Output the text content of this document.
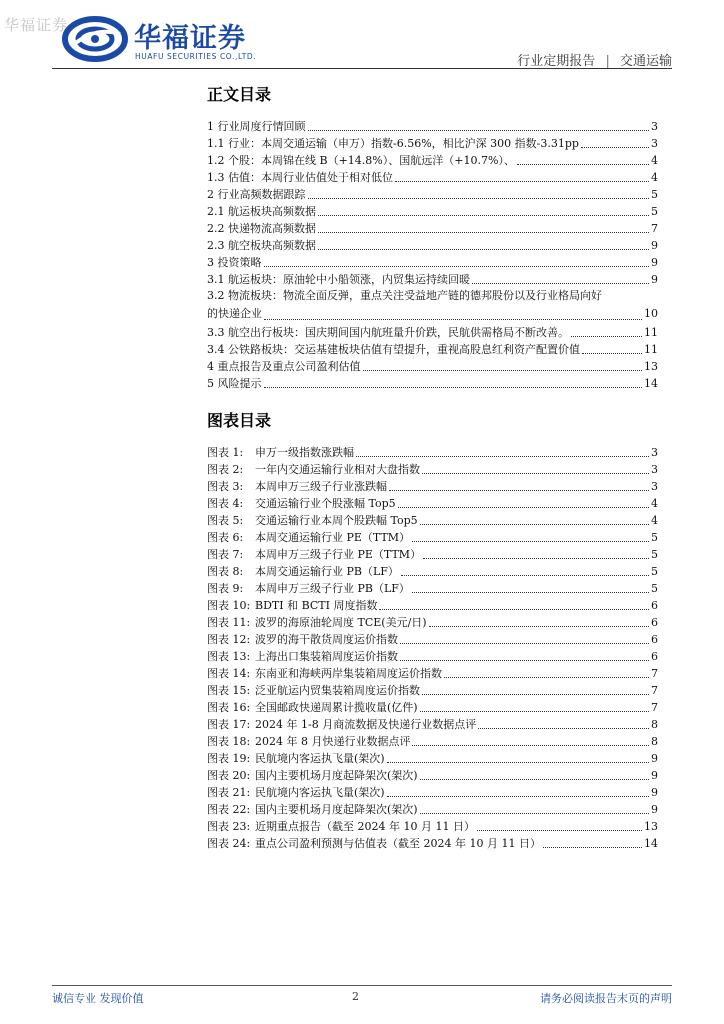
华福证券 华福证券
HUAFU SECURITIES CO.,LTD.	行业定期报告 | 交通运输
正文目录
1 行业周度行情回顾	3
1.1 行业：本周交通运输（申万）指数-6.56%，相比沪深 300 指数-3.31pp	3
1.2 个股：本周锦在线 B（+14.8%）、国航远洋（+10.7%）、	4
1.3 估值：本周行业估值处于相对低位	4
2 行业高频数据跟踪	5
2.1 航运板块高频数据	5
2.2 快递物流高频数据	7
2.3 航空板块高频数据	9
3 投资策略	9
3.1 航运板块：原油轮中小船领涨，内贸集运持续回暖	9
3.2 物流板块：物流全面反弹，重点关注受益地产链的德邦股份以及行业格局向好
的快递企业	10
3.3 航空出行板块：国庆期间国内航班量升价跌，民航供需格局不断改善。	11
3.4 公铁路板块：交运基建板块估值有望提升，重视高股息红利资产配置价值	11
4 重点报告及重点公司盈利估值	13
5 风险提示	14
图表目录
图表 1:	申万一级指数涨跌幅	3
图表 2:	一年内交通运输行业相对大盘指数	3
图表 3:	本周申万三级子行业涨跌幅	3
图表 4:	交通运输行业个股涨幅 Top5	4
图表 5:	交通运输行业本周个股跌幅 Top5	4
图表 6:	本周交通运输行业 PE（TTM）	5
图表 7:	本周申万三级子行业 PE（TTM）	5
图表 8:	本周交通运输行业 PB（LF）	5
图表 9:	本周申万三级子行业 PB（LF）	5
图表 10: BDTI 和 BCTI 周度指数	6
图表 11: 波罗的海原油轮周度 TCE(美元/日)	6
图表 12: 波罗的海干散货周度运价指数	6
图表 13: 上海出口集装箱周度运价指数	6
图表 14: 东南亚和海峡两岸集装箱周度运价指数	7
图表 15: 泛亚航运内贸集装箱周度运价指数	7
图表 16: 全国邮政快递周累计揽收量(亿件)	7
图表 17: 2024 年 1-8 月商流数据及快递行业数据点评	8
图表 18: 2024 年 8 月快递行业数据点评	8
图表 19: 民航境内客运执飞量(架次)	9
图表 20: 国内主要机场月度起降架次(架次)	9
图表 21: 民航境内客运执飞量(架次)	9
图表 22: 国内主要机场月度起降架次(架次)	9
图表 23: 近期重点报告（截至 2024 年 10 月 11 日）	13
图表 24: 重点公司盈利预测与估值表（截至 2024 年 10 月 11 日）	14
诚信专业 发现价值	2	请务必阅读报告末页的声明
